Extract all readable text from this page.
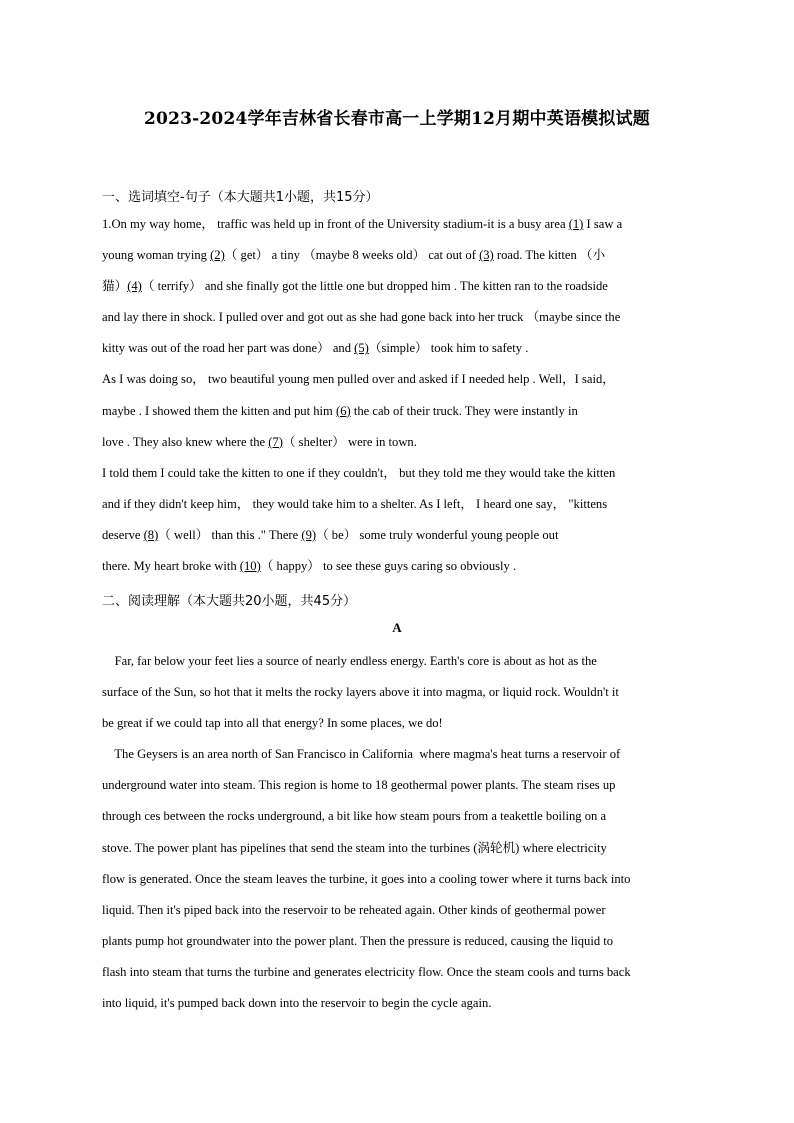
2023-2024学年吉林省长春市高一上学期12月期中英语模拟试题
一、选词填空-句子（本大题共1小题，共15分）
1.On my way home， traffic was held up in front of the University stadium-it is a busy area (1) I saw a
young woman trying (2)（ get） a tiny （maybe 8 weeks old） cat out of (3) road. The kitten （小
猫）(4)（ terrify） and she finally got the little one but dropped him . The kitten ran to the roadside
and lay there in shock. I pulled over and got out as she had gone back into her truck （maybe since the
kitty was out of the road her part was done） and (5)（simple） took him to safety .
As I was doing so， two beautiful young men pulled over and asked if I needed help . Well，I said，
maybe . I showed them the kitten and put him (6) the cab of their truck. They were instantly in
love . They also knew where the (7)（ shelter） were in town.
I told them I could take the kitten to one if they couldn't， but they told me they would take the kitten
and if they didn't keep him， they would take him to a shelter. As I left， I heard one say， "kittens
deserve (8)（ well） than this ." There (9)（ be） some truly wonderful young people out
there. My heart broke with (10)（ happy） to see these guys caring so obviously .
二、阅读理解（本大题共20小题，共45分）
A
Far, far below your feet lies a source of nearly endless energy. Earth's core is about as hot as the
surface of the Sun, so hot that it melts the rocky layers above it into magma, or liquid rock. Wouldn't it
be great if we could tap into all that energy? In some places, we do!
The Geysers is an area north of San Francisco in California  where magma's heat turns a reservoir of
underground water into steam. This region is home to 18 geothermal power plants. The steam rises up
through ces between the rocks underground, a bit like how steam pours from a teakettle boiling on a
stove. The power plant has pipelines that send the steam into the turbines (涡轮机) where electricity
flow is generated. Once the steam leaves the turbine, it goes into a cooling tower where it turns back into
liquid. Then it's piped back into the reservoir to be reheated again. Other kinds of geothermal power
plants pump hot groundwater into the power plant. Then the pressure is reduced, causing the liquid to
flash into steam that turns the turbine and generates electricity flow. Once the steam cools and turns back
into liquid, it's pumped back down into the reservoir to begin the cycle again.
